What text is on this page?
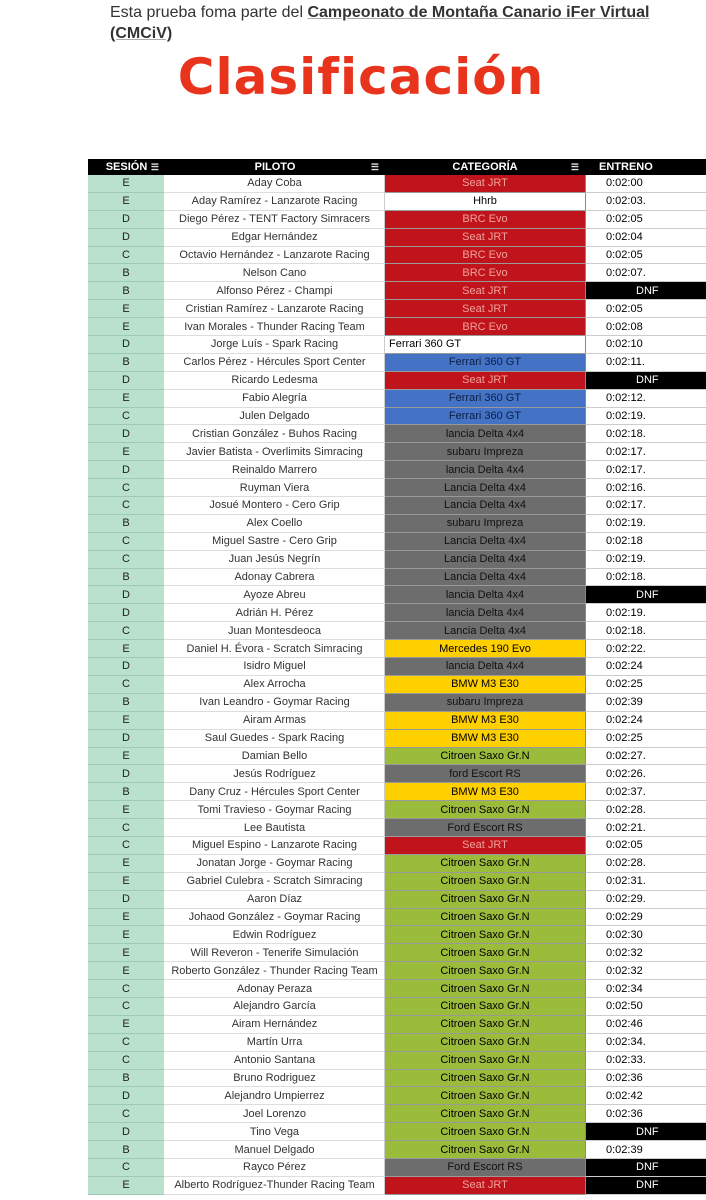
Esta prueba foma parte del Campeonato de Montaña Canario iFer Virtual (CMCiV)
Clasificación
SESIÓN ☰	PILOTO	☰	CATEGORÍA	☰ ENTRENO
E	Aday Coba	Seat JRT	0:02:00
E	Aday Ramírez - Lanzarote Racing	Hhrb	0:02:03.
D	Diego Pérez - TENT Factory Simracers	BRC Evo	0:02:05
D	Edgar Hernández	Seat JRT	0:02:04
C	Octavio Hernández - Lanzarote Racing	BRC Evo	0:02:05
B	Nelson Cano	BRC Evo	0:02:07.
B	Alfonso Pérez - Champi	Seat JRT	DNF
E	Cristian Ramírez - Lanzarote Racing	Seat JRT	0:02:05
E	Ivan Morales - Thunder Racing Team	BRC Evo	0:02:08
D	Jorge Luís - Spark Racing	Ferrari 360 GT	0:02:10
B	Carlos Pérez - Hércules Sport Center	Ferrari 360 GT	0:02:11.
D	Ricardo Ledesma	Seat JRT	DNF
E	Fabio Alegría	Ferrari 360 GT	0:02:12.
C	Julen Delgado	Ferrari 360 GT	0:02:19.
D	Cristian González - Buhos Racing	lancia Delta 4x4	0:02:18.
E	Javier Batista - Overlimits Simracing	subaru Impreza	0:02:17.
D	Reinaldo Marrero	lancia Delta 4x4	0:02:17.
C	Ruyman Viera	Lancia Delta 4x4	0:02:16.
C	Josué Montero - Cero Grip	Lancia Delta 4x4	0:02:17.
B	Alex Coello	subaru Impreza	0:02:19.
C	Miguel Sastre - Cero Grip	Lancia Delta 4x4	0:02:18
C	Juan Jesús Negrín	Lancia Delta 4x4	0:02:19.
B	Adonay Cabrera	Lancia Delta 4x4	0:02:18.
D	Ayoze Abreu	lancia Delta 4x4	DNF
D	Adrián H. Pérez	lancia Delta 4x4	0:02:19.
C	Juan Montesdeoca	Lancia Delta 4x4	0:02:18.
E	Daniel H. Évora - Scratch Simracing	Mercedes 190 Evo	0:02:22.
D	Isidro Miguel	lancia Delta 4x4	0:02:24
C	Alex Arrocha	BMW M3 E30	0:02:25
B	Ivan Leandro - Goymar Racing	subaru Impreza	0:02:39
E	Airam Armas	BMW M3 E30	0:02:24
D	Saul Guedes - Spark Racing	BMW M3 E30	0:02:25
E	Damian Bello	Citroen Saxo Gr.N	0:02:27.
D	Jesús Rodríguez	ford Escort RS	0:02:26.
B	Dany Cruz - Hércules Sport Center	BMW M3 E30	0:02:37.
E	Tomi Travieso - Goymar Racing	Citroen Saxo Gr.N	0:02:28.
C	Lee Bautista	Ford Escort RS	0:02:21.
C	Miguel Espino - Lanzarote Racing	Seat JRT	0:02:05
E	Jonatan Jorge - Goymar Racing	Citroen Saxo Gr.N	0:02:28.
E	Gabriel Culebra - Scratch Simracing	Citroen Saxo Gr.N	0:02:31.
D	Aaron Díaz	Citroen Saxo Gr.N	0:02:29.
E	Johaod González - Goymar Racing	Citroen Saxo Gr.N	0:02:29
E	Edwin Rodríguez	Citroen Saxo Gr.N	0:02:30
E	Will Reveron - Tenerife Simulación	Citroen Saxo Gr.N	0:02:32
E	Roberto González - Thunder Racing Team	Citroen Saxo Gr.N	0:02:32
C	Adonay Peraza	Citroen Saxo Gr.N	0:02:34
C	Alejandro García	Citroen Saxo Gr.N	0:02:50
E	Airam Hernández	Citroen Saxo Gr.N	0:02:46
C	Martín Urra	Citroen Saxo Gr.N	0:02:34.
C	Antonio Santana	Citroen Saxo Gr.N	0:02:33.
B	Bruno Rodriguez	Citroen Saxo Gr.N	0:02:36
D	Alejandro Umpierrez	Citroen Saxo Gr.N	0:02:42
C	Joel Lorenzo	Citroen Saxo Gr.N	0:02:36
D	Tino Vega	Citroen Saxo Gr.N	DNF
B	Manuel Delgado	Citroen Saxo Gr.N	0:02:39
C	Rayco Pérez	Ford Escort RS	DNF
E	Alberto Rodríguez-Thunder Racing Team	Seat JRT	DNF
